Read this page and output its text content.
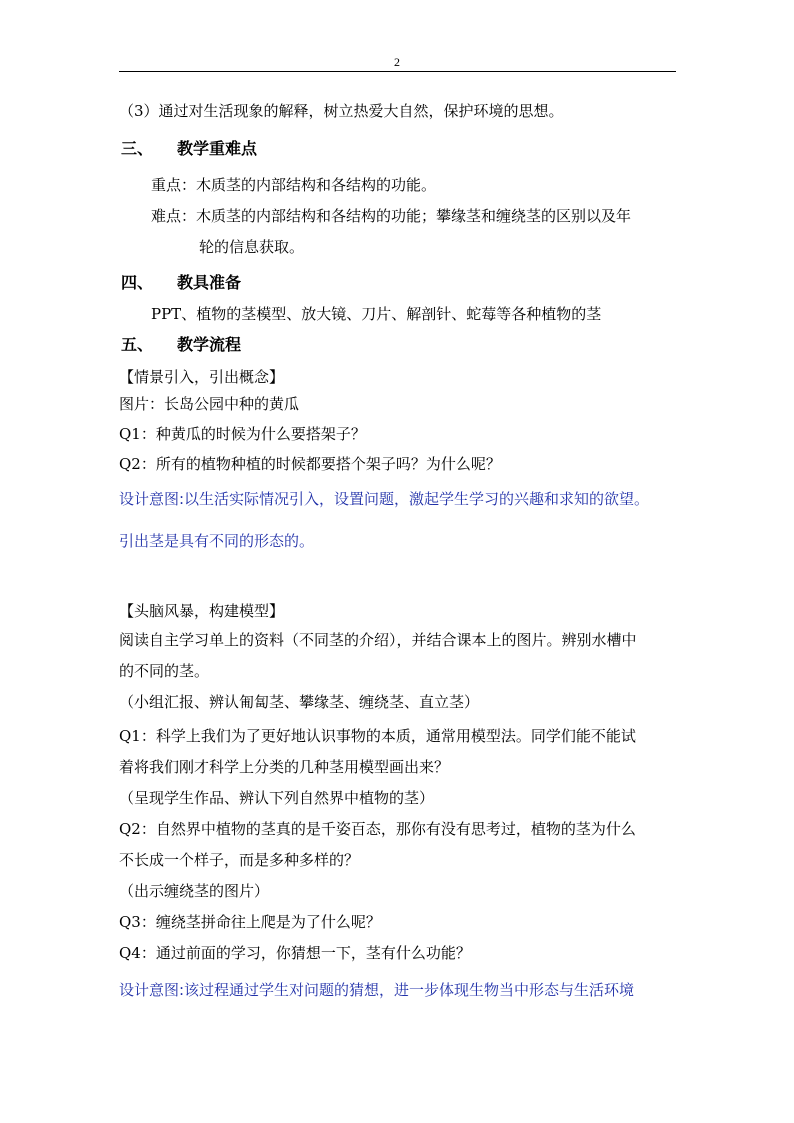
2
（3）通过对生活现象的解释，树立热爱大自然，保护环境的思想。
三、 教学重难点
重点：木质茎的内部结构和各结构的功能。
难点：木质茎的内部结构和各结构的功能；攀缘茎和缠绕茎的区别以及年
轮的信息获取。
四、 教具准备
PPT、植物的茎模型、放大镜、刀片、解剖针、蛇莓等各种植物的茎
五、 教学流程
【情景引入，引出概念】
图片：长岛公园中种的黄瓜
Q1：种黄瓜的时候为什么要搭架子？
Q2：所有的植物种植的时候都要搭个架子吗？为什么呢？
设计意图:以生活实际情况引入，设置问题，激起学生学习的兴趣和求知的欲望。
引出茎是具有不同的形态的。
【头脑风暴，构建模型】
阅读自主学习单上的资料（不同茎的介绍），并结合课本上的图片。辨别水槽中
的不同的茎。
（小组汇报、辨认匍匐茎、攀缘茎、缠绕茎、直立茎）
Q1：科学上我们为了更好地认识事物的本质，通常用模型法。同学们能不能试
着将我们刚才科学上分类的几种茎用模型画出来？
（呈现学生作品、辨认下列自然界中植物的茎）
Q2：自然界中植物的茎真的是千姿百态，那你有没有思考过，植物的茎为什么
不长成一个样子，而是多种多样的？
（出示缠绕茎的图片）
Q3：缠绕茎拼命往上爬是为了什么呢？
Q4：通过前面的学习，你猜想一下，茎有什么功能？
设计意图:该过程通过学生对问题的猜想，进一步体现生物当中形态与生活环境
